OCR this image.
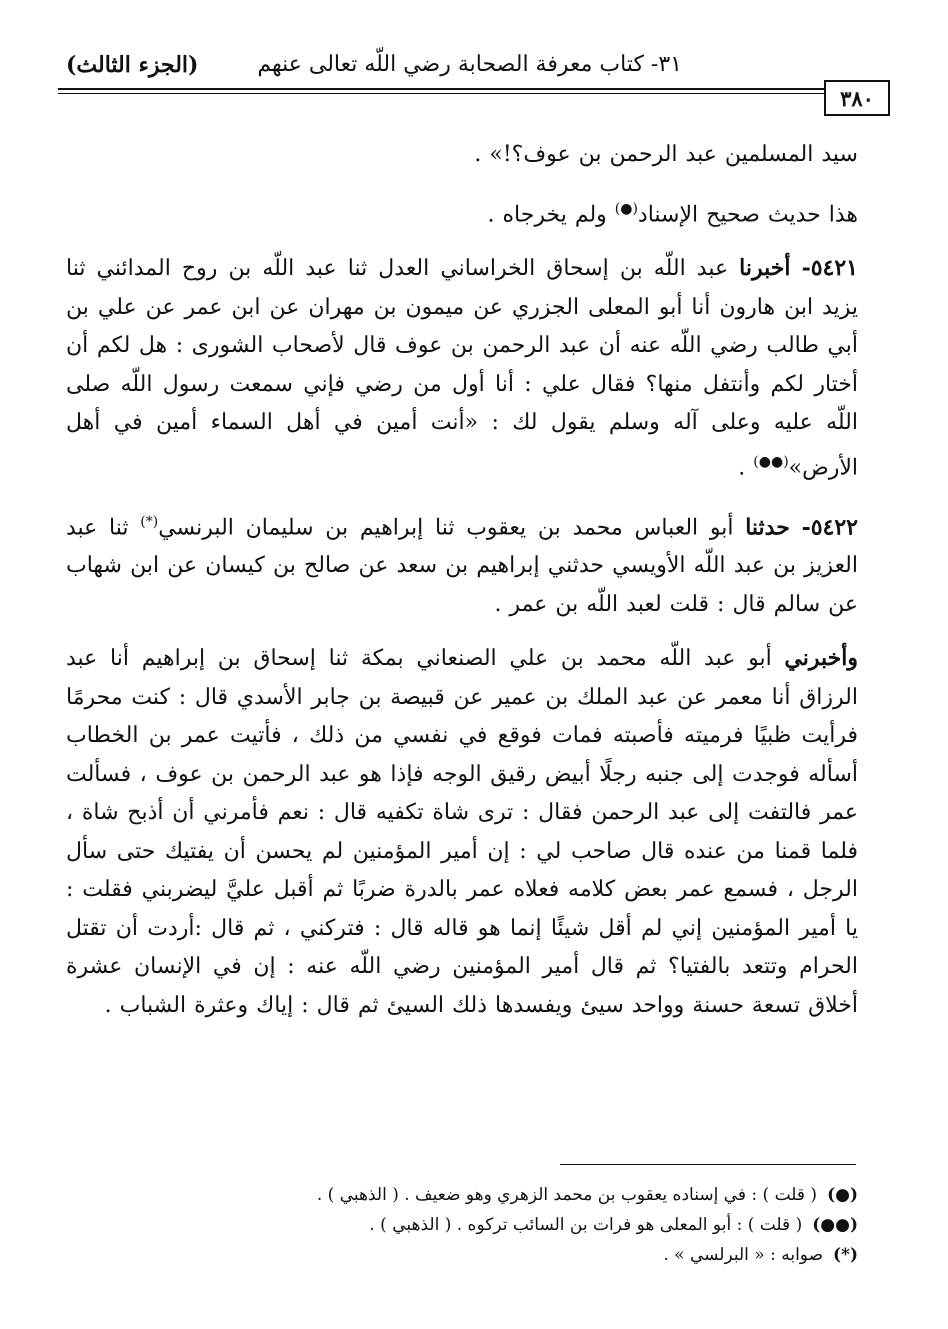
٣١- كتاب معرفة الصحابة رضي اللّه تعالى عنهم
(الجزء الثالث)
٣٨٠

سيد المسلمين عبد الرحمن بن عوف؟!» .

هذا حديث صحيح الإسناد(●) ولم يخرجاه .

٥٤٢١- أخبرنا عبد اللّه بن إسحاق الخراساني العدل ثنا عبد اللّه بن روح المدائني ثنا يزيد ابن هارون أنا أبو المعلى الجزري عن ميمون بن مهران عن ابن عمر عن علي بن أبي طالب رضي اللّه عنه أن عبد الرحمن بن عوف قال لأصحاب الشورى : هل لكم أن أختار لكم وأنتفل منها؟ فقال علي : أنا أول من رضي فإني سمعت رسول اللّه صلى اللّه عليه وعلى آله وسلم يقول لك : «أنت أمين في أهل السماء أمين في أهل الأرض»(●●) .

٥٤٢٢- حدثنا أبو العباس محمد بن يعقوب ثنا إبراهيم بن سليمان البرنسي(*) ثنا عبد العزيز بن عبد اللّه الأويسي حدثني إبراهيم بن سعد عن صالح بن كيسان عن ابن شهاب عن سالم قال : قلت لعبد اللّه بن عمر .

وأخبرني أبو عبد اللّه محمد بن علي الصنعاني بمكة ثنا إسحاق بن إبراهيم أنا عبد الرزاق أنا معمر عن عبد الملك بن عمير عن قبيصة بن جابر الأسدي قال : كنت محرمًا فرأيت ظبيًا فرميته فأصبته فمات فوقع في نفسي من ذلك ، فأتيت عمر بن الخطاب أسأله فوجدت إلى جنبه رجلًا أبيض رقيق الوجه فإذا هو عبد الرحمن بن عوف ، فسألت عمر فالتفت إلى عبد الرحمن فقال : ترى شاة تكفيه قال : نعم فأمرني أن أذبح شاة ، فلما قمنا من عنده قال صاحب لي : إن أمير المؤمنين لم يحسن أن يفتيك حتى سأل الرجل ، فسمع عمر بعض كلامه فعلاه عمر بالدرة ضربًا ثم أقبل عليَّ ليضربني فقلت : يا أمير المؤمنين إني لم أقل شيئًا إنما هو قاله قال : فتركني ، ثم قال :أردت أن تقتل الحرام وتتعد بالفتيا؟ ثم قال أمير المؤمنين رضي اللّه عنه : إن في الإنسان عشرة أخلاق تسعة حسنة وواحد سيئ ويفسدها ذلك السيئ ثم قال : إياك وعثرة الشباب .

(●)( قلت ) : في إسناده يعقوب بن محمد الزهري وهو ضعيف . ( الذهبي ) .
(●●)( قلت ) : أبو المعلى هو فرات بن السائب تركوه . ( الذهبي ) .
(*)صوابه : « البرلسي » .
